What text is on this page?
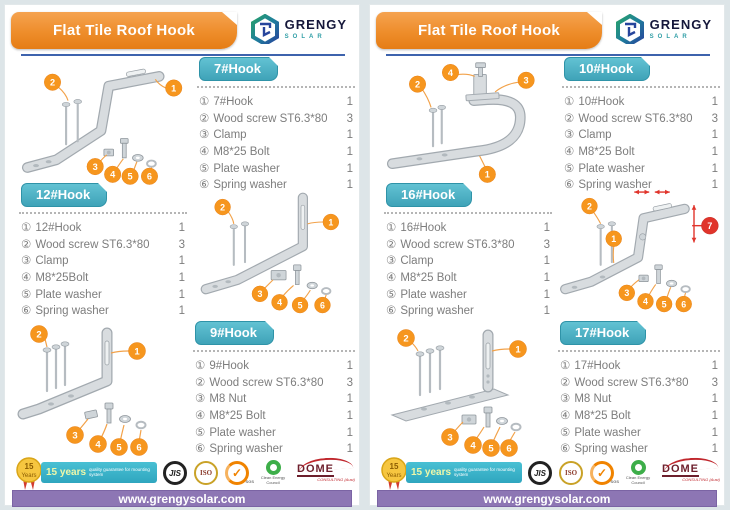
Flat Tile Roof Hook	GRENGY
SOLAR
1
2
3
4 5 6
7#Hook
① 7#Hook	1
② Wood screw ST6.3*80	3
③ Clamp	1
④ M8*25 Bolt	1
⑤ Plate washer	1
⑥ Spring washer	1
12#Hook
① 12#Hook	1
② Wood screw ST6.3*80	3
③ Clamp	1
④ M8*25Bolt	1
⑤ Plate washer	1
⑥ Spring washer	1
1
2
3
4 5 6
1
2
3
4 5 6
9#Hook
① 9#Hook	1
② Wood screw ST6.3*80	3
③ M8 Nut	1
④ M8*25 Bolt	1
⑤ Plate washer	1
⑥ Spring washer	1
15
Years 15 years quality guarantee for mounting system	JIS	ISO ✓
SGS
Clean Energy Council
DOME
CONSULTING (Aust)
www.grengysolar.com
Flat Tile Roof Hook	GRENGY
SOLAR
4
3
2
1
10#Hook
① 10#Hook	1
② Wood screw ST6.3*80	3
③ Clamp	1
④ M8*25 Bolt	1
⑤ Plate washer	1
⑥ Spring washer	1
16#Hook
① 16#Hook	1
② Wood screw ST6.3*80	3
③ Clamp	1
④ M8*25 Bolt	1
⑤ Plate washer	1
⑥ Spring washer	1
1
2
3
4 5 6
7
1
2
3
4 5 6
17#Hook
① 17#Hook	1
② Wood screw ST6.3*80	3
③ M8 Nut	1
④ M8*25 Bolt	1
⑤ Plate washer	1
⑥ Spring washer	1
15
Years 15 years quality guarantee for mounting system	JIS	ISO ✓
SGS
Clean Energy Council
DOME
CONSULTING (Aust)
www.grengysolar.com
